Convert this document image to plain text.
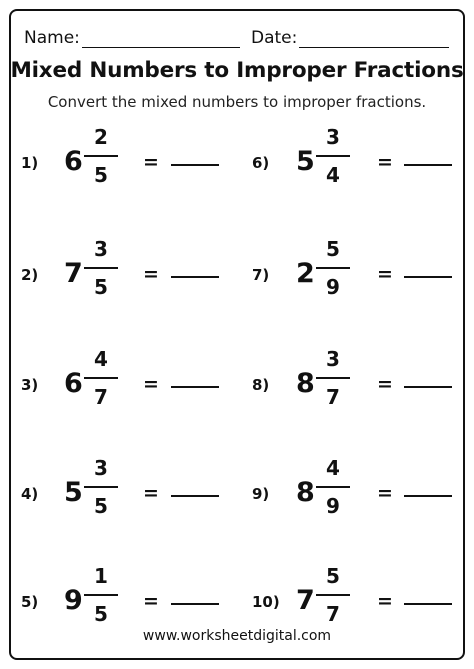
Name:	Date:
Mixed Numbers to Improper Fractions
Convert the mixed numbers to improper fractions.
1) 6
2
5
=
2) 7
3
5
=
3) 6
4
7
=
4) 5
3
5
=
5) 9
1
5
=
6) 5
3
4
=
7) 2
5
9
=
8) 8
3
7
=
9) 8
4
9
=
10) 7
5
7
=
www.worksheetdigital.com
